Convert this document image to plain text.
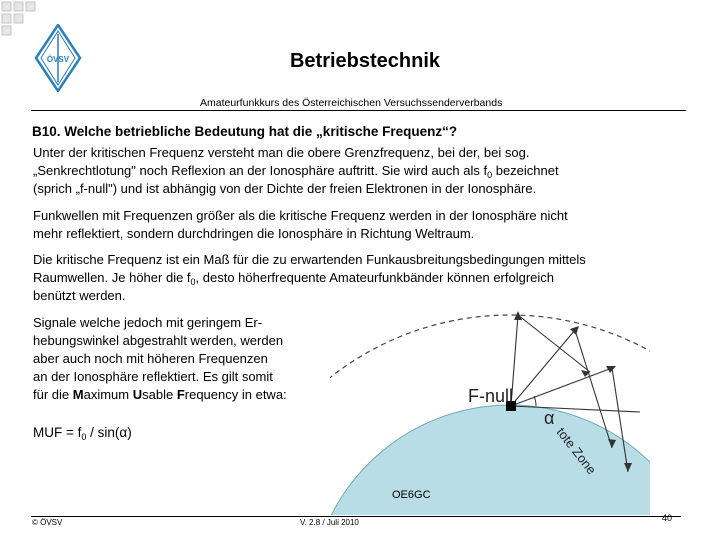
ÖVSV	Betriebstechnik
Amateurfunkkurs des Österreichischen Versuchssenderverbands
B10. Welche betriebliche Bedeutung hat die „kritische Frequenz“?
Unter der kritischen Frequenz versteht man die obere Grenzfrequenz, bei der, bei sog.
„Senkrechtlotung" noch Reflexion an der Ionosphäre auftritt. Sie wird auch als $f_0$ bezeichnet
(sprich „f-null") und ist abhängig von der Dichte der freien Elektronen in der Ionosphäre.
Funkwellen mit Frequenzen größer als die kritische Frequenz werden in der Ionosphäre nicht
mehr reflektiert, sondern durchdringen die Ionosphäre in Richtung Weltraum.
Die kritische Frequenz ist ein Maß für die zu erwartenden Funkausbreitungsbedingungen mittels
Raumwellen. Je höher die $f_0$, desto höherfrequente Amateurfunkbänder können erfolgreich
benützt werden.
Signale welche jedoch mit geringem Er-
hebungswinkel abgestrahlt werden, werden
aber auch noch mit höheren Frequenzen
an der Ionosphäre reflektiert. Es gilt somit
für die Maximum Usable Frequency in etwa:
MUF = $f_0 / \sin(\alpha)$
F-null
α
tote Zone
OE6GC
© ÖVSV	V. 2.8 / Juli 2010	40
